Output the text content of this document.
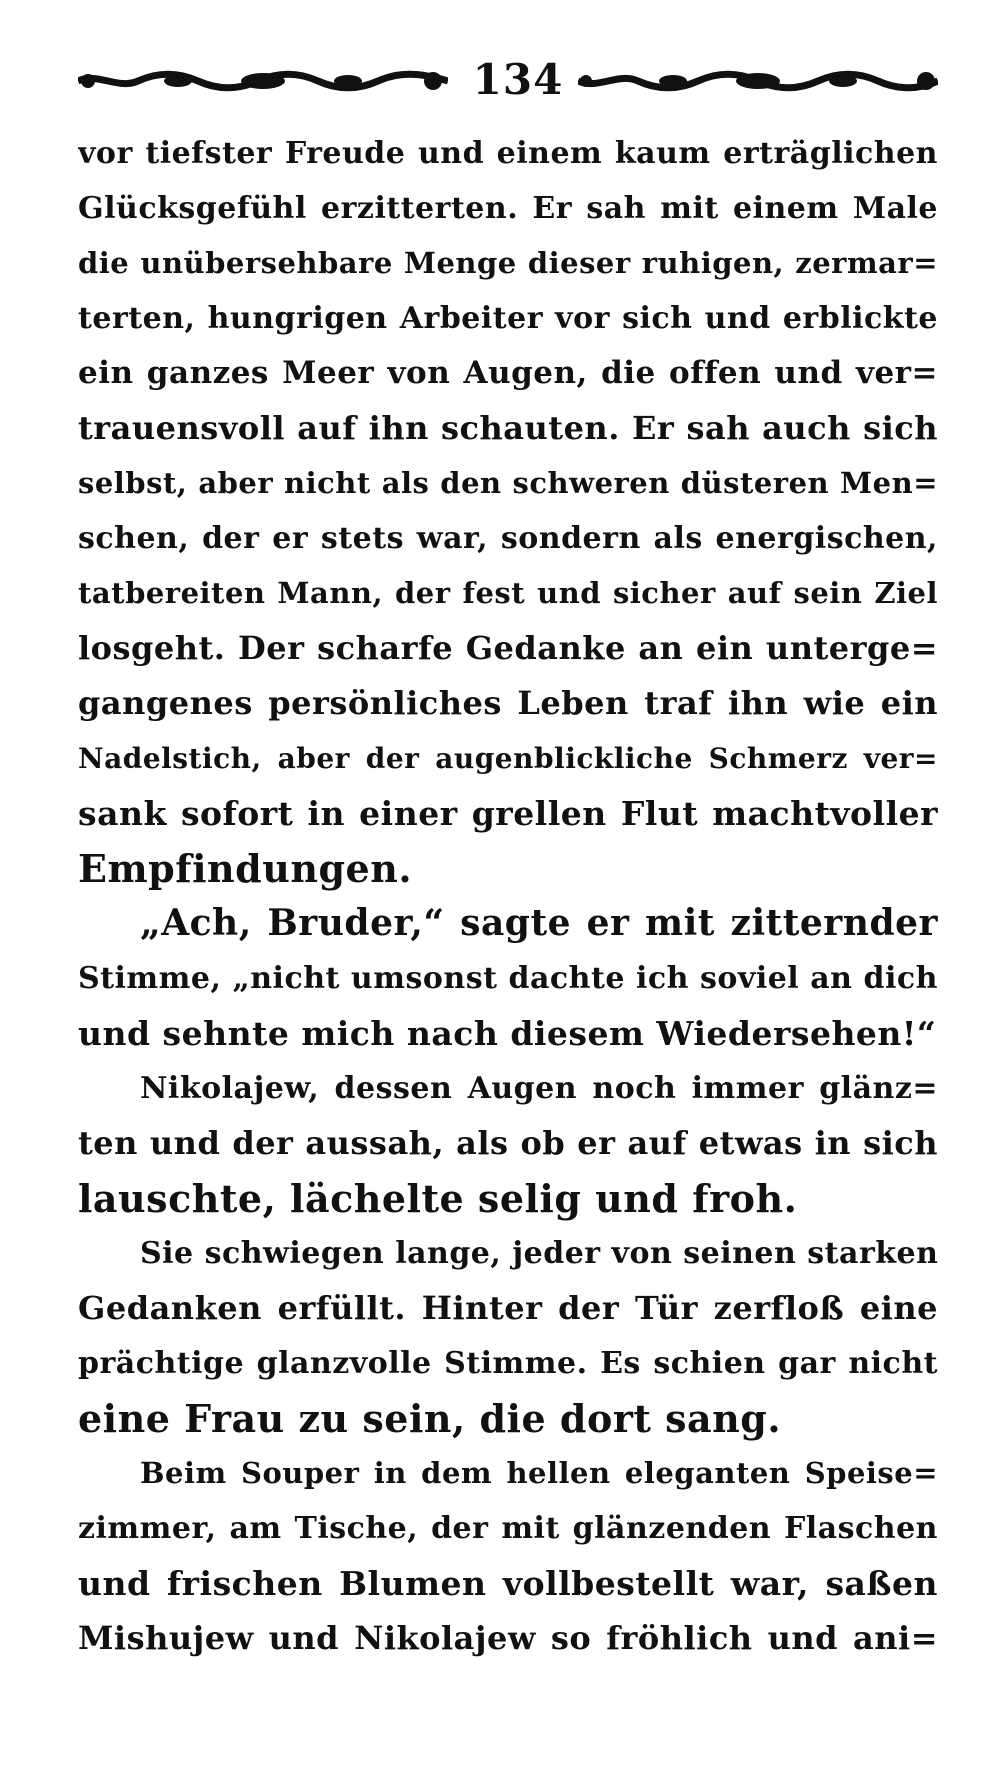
134
vor tiefster Freude und einem kaum erträglichen
Glücksgefühl erzitterten. Er sah mit einem Male
die unübersehbare Menge dieser ruhigen, zermar=
terten, hungrigen Arbeiter vor sich und erblickte
ein ganzes Meer von Augen, die offen und ver=
trauensvoll auf ihn schauten. Er sah auch sich
selbst, aber nicht als den schweren düsteren Men=
schen, der er stets war, sondern als energischen,
tatbereiten Mann, der fest und sicher auf sein Ziel
losgeht. Der scharfe Gedanke an ein unterge=
gangenes persönliches Leben traf ihn wie ein
Nadelstich, aber der augenblickliche Schmerz ver=
sank sofort in einer grellen Flut machtvoller
Empfindungen.
„Ach, Bruder,“ sagte er mit zitternder
Stimme, „nicht umsonst dachte ich soviel an dich
und sehnte mich nach diesem Wiedersehen!“
Nikolajew, dessen Augen noch immer glänz=
ten und der aussah, als ob er auf etwas in sich
lauschte, lächelte selig und froh.
Sie schwiegen lange, jeder von seinen starken
Gedanken erfüllt. Hinter der Tür zerfloß eine
prächtige glanzvolle Stimme. Es schien gar nicht
eine Frau zu sein, die dort sang.
Beim Souper in dem hellen eleganten Speise=
zimmer, am Tische, der mit glänzenden Flaschen
und frischen Blumen vollbestellt war, saßen
Mishujew und Nikolajew so fröhlich und ani=
